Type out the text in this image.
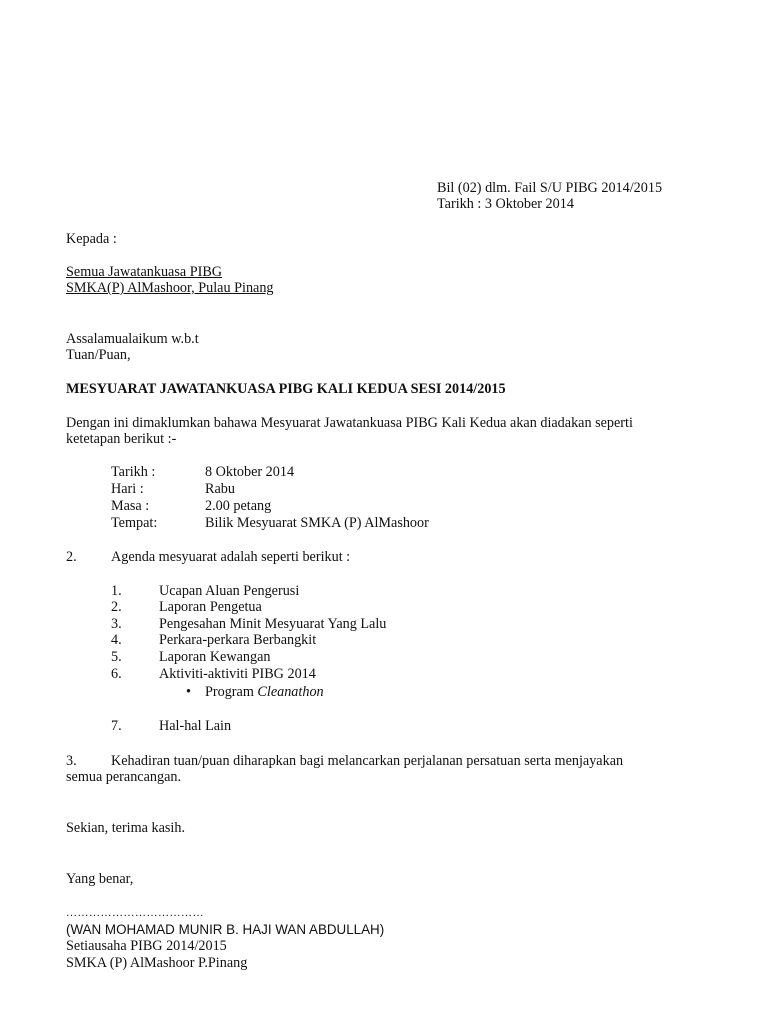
Bil (02) dlm. Fail S/U PIBG 2014/2015
Tarikh : 3 Oktober 2014
Kepada :
Semua Jawatankuasa PIBG
SMKA(P) AlMashoor, Pulau Pinang
Assalamualaikum w.b.t
Tuan/Puan,
MESYUARAT JAWATANKUASA PIBG KALI KEDUA SESI 2014/2015
Dengan ini dimaklumkan bahawa Mesyuarat Jawatankuasa PIBG Kali Kedua akan diadakan seperti
ketetapan berikut :-
Tarikh :	8 Oktober 2014
Hari :	Rabu
Masa :	2.00 petang
Tempat:	Bilik Mesyuarat SMKA (P) AlMashoor
2. Agenda mesyuarat adalah seperti berikut :
1.	Ucapan Aluan Pengerusi
2.	Laporan Pengetua
3.	Pengesahan Minit Mesyuarat Yang Lalu
4.	Perkara-perkara Berbangkit
5.	Laporan Kewangan
6.	Aktiviti-aktiviti PIBG 2014
• Program Cleanathon
7.	Hal-hal Lain
3. Kehadiran tuan/puan diharapkan bagi melancarkan perjalanan persatuan serta menjayakan
semua perancangan.
Sekian, terima kasih.
Yang benar,
………………………………
(WAN MOHAMAD MUNIR B. HAJI WAN ABDULLAH)
Setiausaha PIBG 2014/2015
SMKA (P) AlMashoor P.Pinang
